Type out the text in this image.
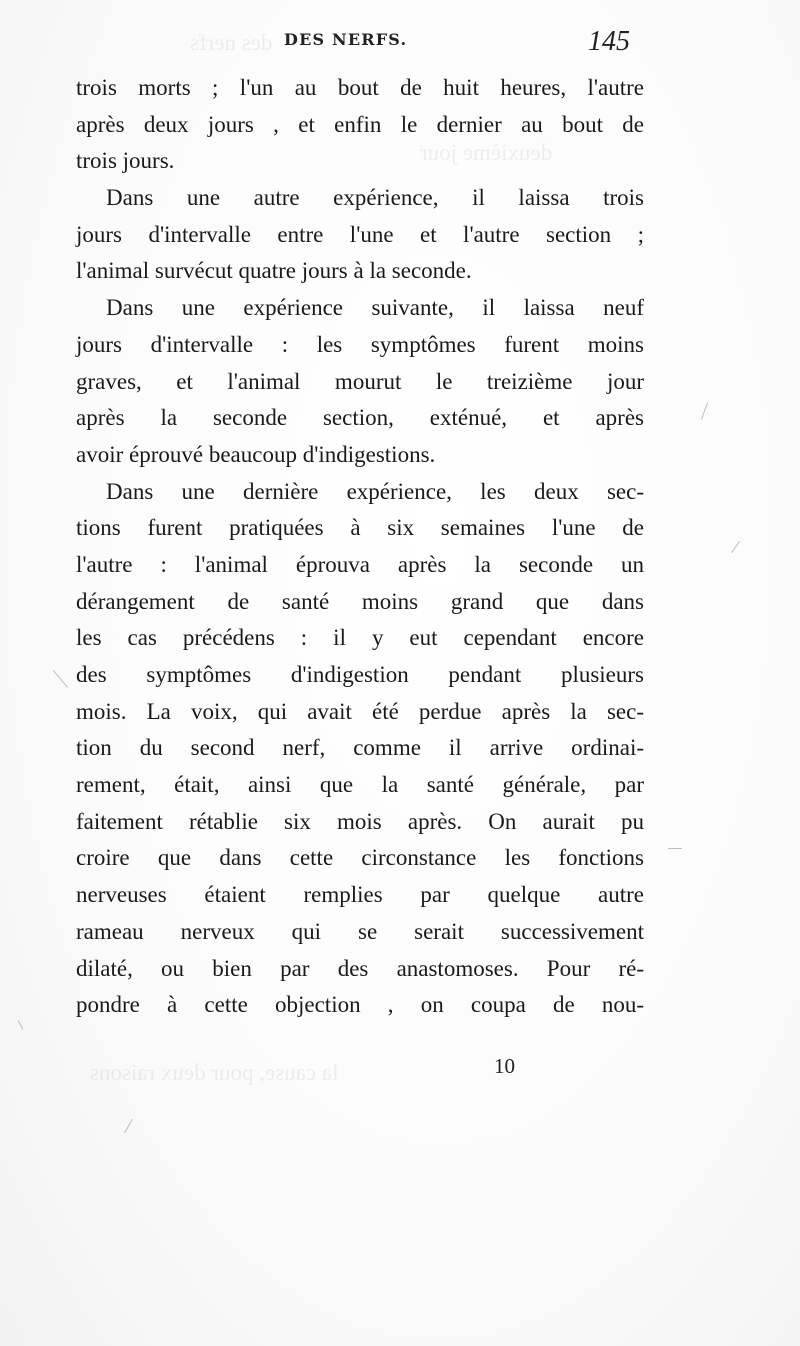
des nerfs
deuxième jour
la cause, pour deux raisons
DES NERFS.	145
trois morts ; l'un au bout de huit heures, l'autre
après deux jours , et enfin le dernier au bout de
trois jours.
Dans une autre expérience, il laissa trois
jours d'intervalle entre l'une et l'autre section ;
l'animal survécut quatre jours à la seconde.
Dans une expérience suivante, il laissa neuf
jours d'intervalle : les symptômes furent moins
graves, et l'animal mourut le treizième jour
après la seconde section, exténué, et après
avoir éprouvé beaucoup d'indigestions.
Dans une dernière expérience, les deux sec-
tions furent pratiquées à six semaines l'une de
l'autre : l'animal éprouva après la seconde un
dérangement de santé moins grand que dans
les cas précédens : il y eut cependant encore
des symptômes d'indigestion pendant plusieurs
mois. La voix, qui avait été perdue après la sec-
tion du second nerf, comme il arrive ordinai-
rement, était, ainsi que la santé générale, par
faitement rétablie six mois après. On aurait pu
croire que dans cette circonstance les fonctions
nerveuses étaient remplies par quelque autre
rameau nerveux qui se serait successivement
dilaté, ou bien par des anastomoses. Pour ré-
pondre à cette objection , on coupa de nou-
10
